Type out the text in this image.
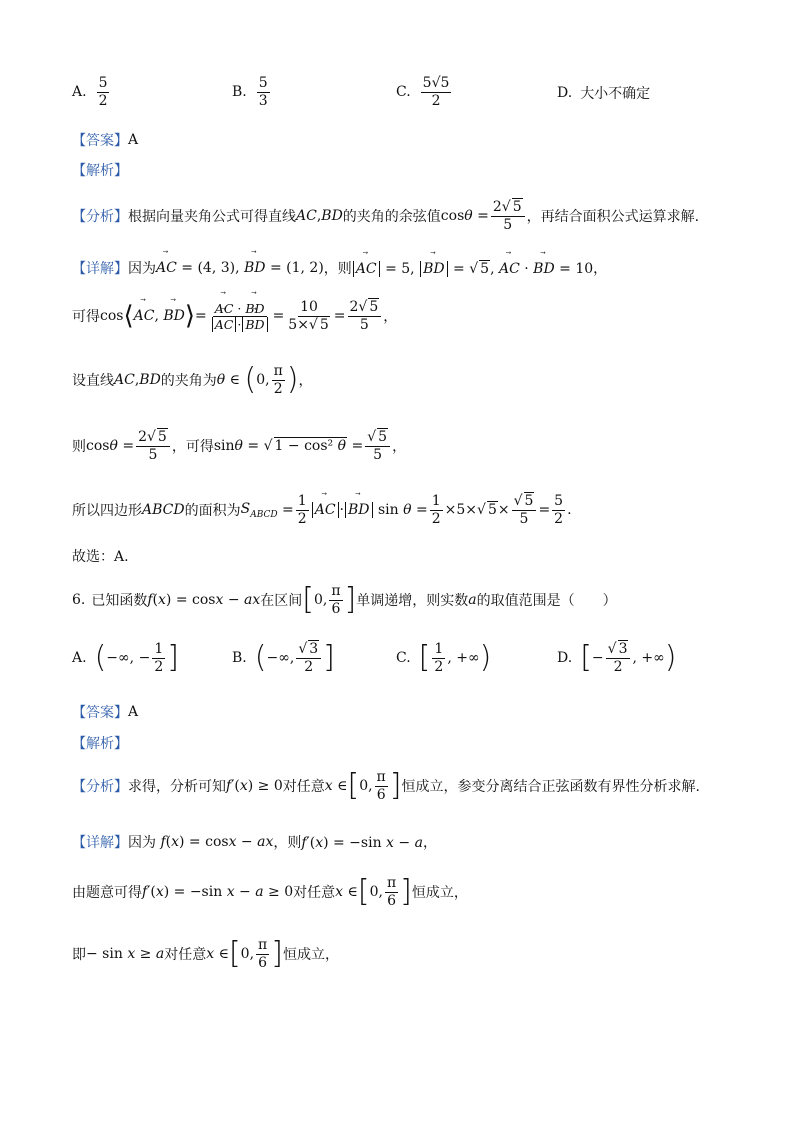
A. $\frac{5}{2}$	B. $\frac{5}{3}$	C. $\frac{5√5}{2}$	D. 大小不确定
【答案】 A
【解析】
【分析】 根据向量夹角公式可得直线 AC , BD 的夹角的余弦值 $\cos\theta = \frac{2√ 5}{5}$ ，再结合面积公式运算求解.
【详解】 因为 ⃗ AC = (4, 3), ⃗ BD = (1, 2) ，则 ⃗ AC = 5, ⃗ BD = √ 5, ⃗ AC · ⃗ BD = 10，
可得 cos ⟨ ⃗ AC, ⃗ BD ⟩ = ⃗ AC · ⃗ BD
⃗ AC · ⃗ BD = $\frac{10}{5\times√ 5} = \frac{2√ 5}{5}$ ，
设直线 AC , BD 的夹角为 θ ∈ ( 0,
π
2 ) ，
则 $\cos\theta = \frac{2√ 5}{5}$ ，可得 sinθ = √ 1 − cos² $\theta = \frac{√ 5}{5}$ ，
所以四边形 ABCD 的面积为 $S_{ABCD} = \frac{1}{2}$ ⃗ AC · ⃗ BD $\sin \theta = \frac{1}{2} \times 5\times√$ $5\times \frac{√ 5}{5} = \frac{5}{2}$ .
故选：A.
6. 已知函数 f(x) = cosx − ax 在区间 [ 0,
π
6 ] 单调递增，则实数 a 的取值范围是（　　）
A. ( −∞, − $\frac{1}{2}$ ]	B. ( −∞,
√ 3
2 ]	C. [ 1
2
, +∞ )	D. [ − $\frac{√ 3}{2}$ , +∞ )
【答案】 A
【解析】
【分析】 求得，分析可知 f′(x) ≥ 0 对任意 x ∈ [ 0,
π
6 ] 恒成立，参变分离结合正弦函数有界性分析求解.
【详解】 因为 f(x) = cosx − ax ，则 f′(x) = −sin x − a，
由题意可得 f′(x) = −sin x − a ≥ 0 对任意 x ∈ [ 0,
π
6 ] 恒成立，
即 − sin x ≥ a 对任意 x ∈ [ 0,
π
6 ] 恒成立，
